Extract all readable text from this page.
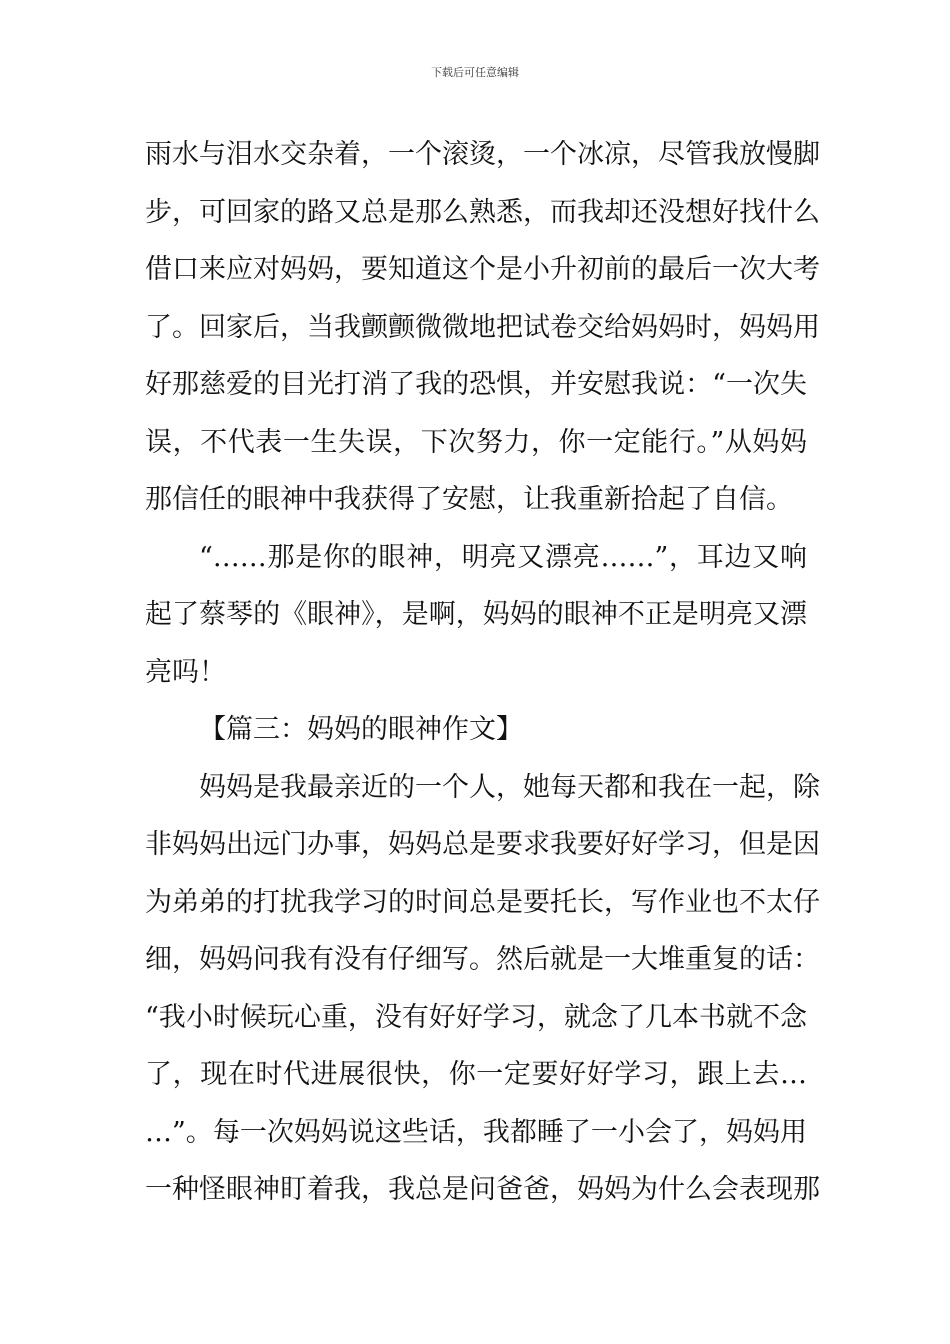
下载后可任意编辑
雨水与泪水交杂着，一个滚烫，一个冰凉，尽管我放慢脚
步，可回家的路又总是那么熟悉，而我却还没想好找什么
借口来应对妈妈，要知道这个是小升初前的最后一次大考
了。回家后，当我颤颤微微地把试卷交给妈妈时，妈妈用
好那慈爱的目光打消了我的恐惧，并安慰我说：“一次失
误，不代表一生失误，下次努力，你一定能行。”从妈妈
那信任的眼神中我获得了安慰，让我重新拾起了自信。
“……那是你的眼神，明亮又漂亮……”，耳边又响
起了蔡琴的《眼神》，是啊，妈妈的眼神不正是明亮又漂
亮吗！
【篇三：妈妈的眼神作文】
妈妈是我最亲近的一个人，她每天都和我在一起，除
非妈妈出远门办事，妈妈总是要求我要好好学习，但是因
为弟弟的打扰我学习的时间总是要托长，写作业也不太仔
细，妈妈问我有没有仔细写。然后就是一大堆重复的话：
“我小时候玩心重，没有好好学习，就念了几本书就不念
了，现在时代进展很快，你一定要好好学习，跟上去…
…”。每一次妈妈说这些话，我都睡了一小会了，妈妈用
一种怪眼神盯着我，我总是问爸爸，妈妈为什么会表现那
